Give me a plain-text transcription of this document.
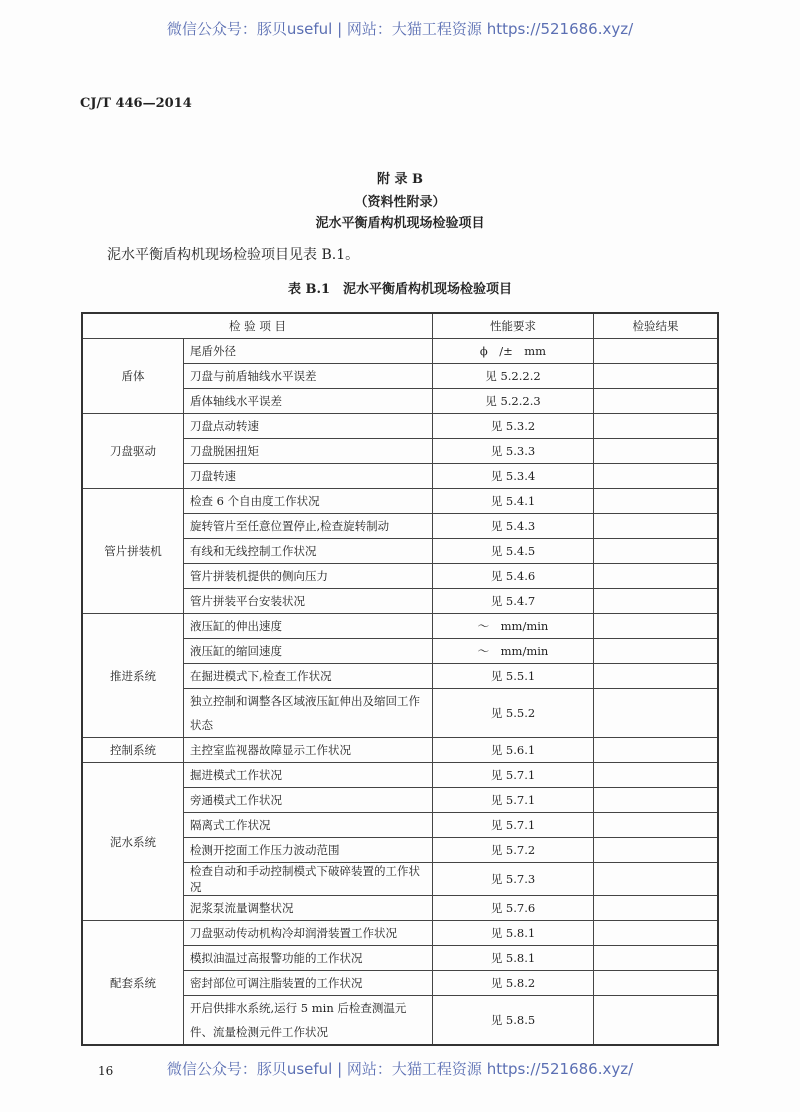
微信公众号：豚贝useful | 网站：大猫工程资源 https://521686.xyz/
CJ/T 446—2014
附 录 B
（资料性附录）
泥水平衡盾构机现场检验项目
泥水平衡盾构机现场检验项目见表 B.1。
表 B.1　泥水平衡盾构机现场检验项目
检 验 项 目		性能要求	检验结果
盾体	尾盾外径	ϕ　/±　mm	
	刀盘与前盾轴线水平误差	见 5.2.2.2	
	盾体轴线水平误差	见 5.2.2.3	
刀盘驱动	刀盘点动转速	见 5.3.2	
	刀盘脱困扭矩	见 5.3.3	
	刀盘转速	见 5.3.4	
管片拼装机	检查 6 个自由度工作状况	见 5.4.1	
	旋转管片至任意位置停止,检查旋转制动	见 5.4.3	
	有线和无线控制工作状况	见 5.4.5	
	管片拼装机提供的侧向压力	见 5.4.6	
	管片拼装平台安装状况	见 5.4.7	
推进系统	液压缸的伸出速度	～　mm/min	
	液压缸的缩回速度	～　mm/min	
	在掘进模式下,检查工作状况	见 5.5.1	
	独立控制和调整各区域液压缸伸出及缩回工作状态	见 5.5.2	
控制系统	主控室监视器故障显示工作状况	见 5.6.1	
泥水系统	掘进模式工作状况	见 5.7.1	
	旁通模式工作状况	见 5.7.1	
	隔离式工作状况	见 5.7.1	
	检测开挖面工作压力波动范围	见 5.7.2	
	检查自动和手动控制模式下破碎装置的工作状况	见 5.7.3	
	泥浆泵流量调整状况	见 5.7.6	
配套系统	刀盘驱动传动机构冷却润滑装置工作状况	见 5.8.1	
	模拟油温过高报警功能的工作状况	见 5.8.1	
	密封部位可调注脂装置的工作状况	见 5.8.2	
	开启供排水系统,运行 5 min 后检查测温元件、流量检测元件工作状况	见 5.8.5	
16	微信公众号：豚贝useful | 网站：大猫工程资源 https://521686.xyz/
